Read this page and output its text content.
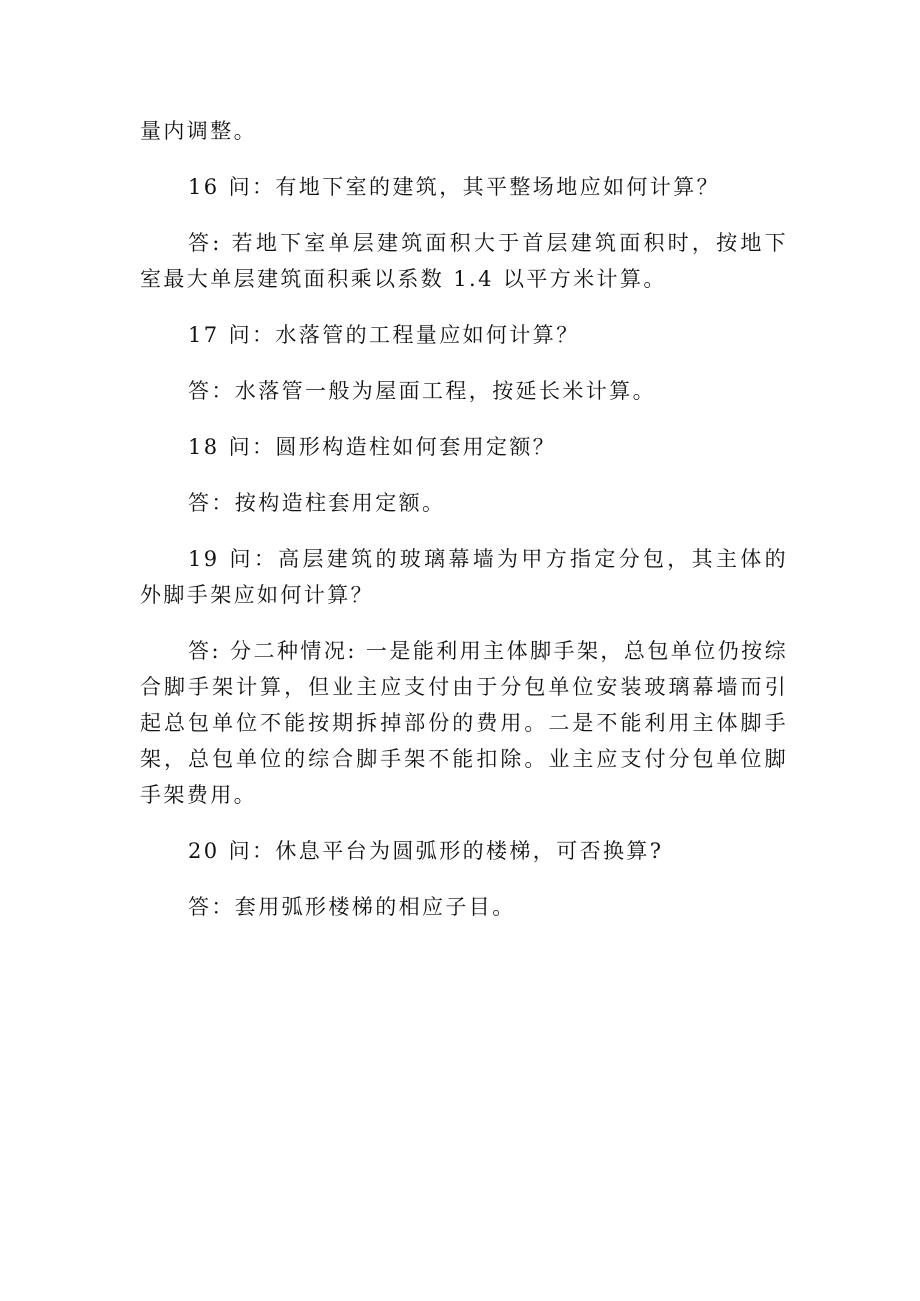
量内调整。

16 问：有地下室的建筑，其平整场地应如何计算？

答: 若地下室单层建筑面积大于首层建筑面积时，按地下室最大单层建筑面积乘以系数 1.4 以平方米计算。

17 问：水落管的工程量应如何计算？

答：水落管一般为屋面工程，按延长米计算。

18 问：圆形构造柱如何套用定额？

答：按构造柱套用定额。

19 问：高层建筑的玻璃幕墙为甲方指定分包，其主体的外脚手架应如何计算？

答: 分二种情况: 一是能利用主体脚手架，总包单位仍按综合脚手架计算，但业主应支付由于分包单位安装玻璃幕墙而引起总包单位不能按期拆掉部份的费用。二是不能利用主体脚手架，总包单位的综合脚手架不能扣除。业主应支付分包单位脚手架费用。

20 问：休息平台为圆弧形的楼梯，可否换算?

答：套用弧形楼梯的相应子目。
